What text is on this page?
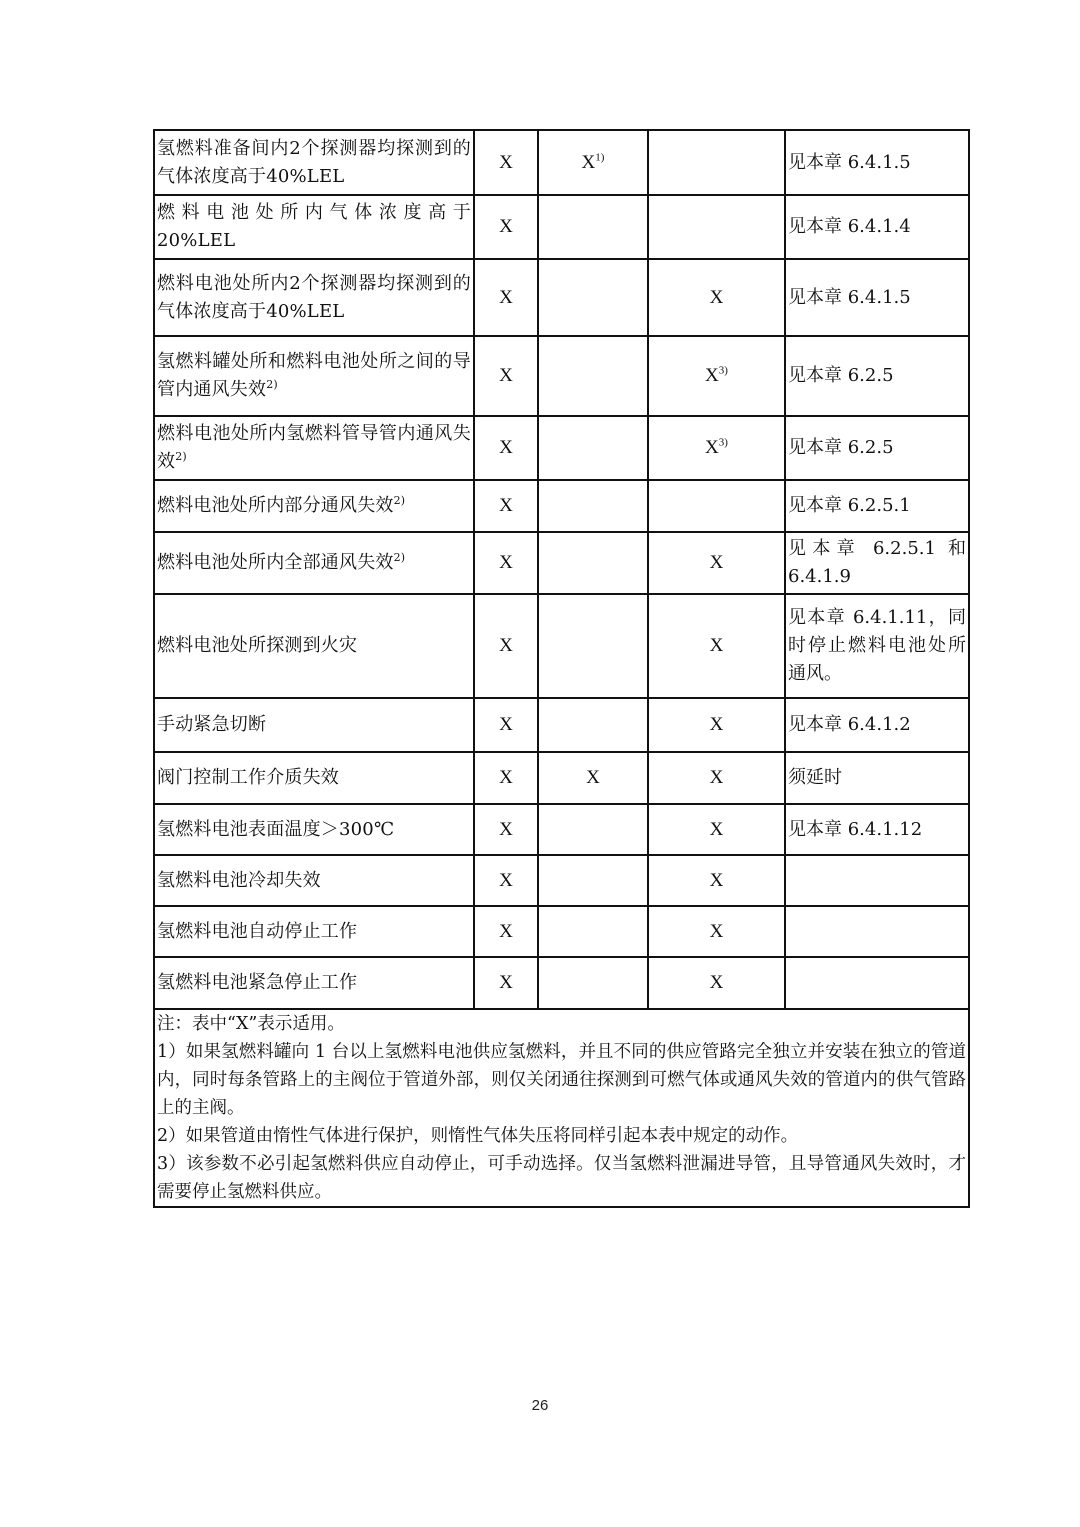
氢燃料准备间内2个探测器均探测到的气体浓度高于40%LEL	X	$X^{1)}$		见本章 6.4.1.5
燃料电池处所内气体浓度高于20%LEL	X			见本章 6.4.1.4
燃料电池处所内2个探测器均探测到的气体浓度高于40%LEL	X		X	见本章 6.4.1.5
氢燃料罐处所和燃料电池处所之间的导管内通风失效$^{2)}$	X		$X^{3)}$	见本章 6.2.5
燃料电池处所内氢燃料管导管内通风失效$^{2)}$	X		$X^{3)}$	见本章 6.2.5
燃料电池处所内部分通风失效$^{2)}$	X			见本章 6.2.5.1
燃料电池处所内全部通风失效$^{2)}$	X		X	见本章 6.2.5.1 和 6.4.1.9
燃料电池处所探测到火灾	X		X	见本章 6.4.1.11，同时停止燃料电池处所通风。
手动紧急切断	X		X	见本章 6.4.1.2
阀门控制工作介质失效	X	X	X	须延时
氢燃料电池表面温度＞300℃	X		X	见本章 6.4.1.12
氢燃料电池冷却失效	X		X	
氢燃料电池自动停止工作	X		X	
氢燃料电池紧急停止工作	X		X	

注：表中“X”表示适用。
1）如果氢燃料罐向 1 台以上氢燃料电池供应氢燃料，并且不同的供应管路完全独立并安装在独立的管道内，同时每条管路上的主阀位于管道外部，则仅关闭通往探测到可燃气体或通风失效的管道内的供气管路上的主阀。
2）如果管道由惰性气体进行保护，则惰性气体失压将同样引起本表中规定的动作。
3）该参数不必引起氢燃料供应自动停止，可手动选择。仅当氢燃料泄漏进导管，且导管通风失效时，才需要停止氢燃料供应。				
26
